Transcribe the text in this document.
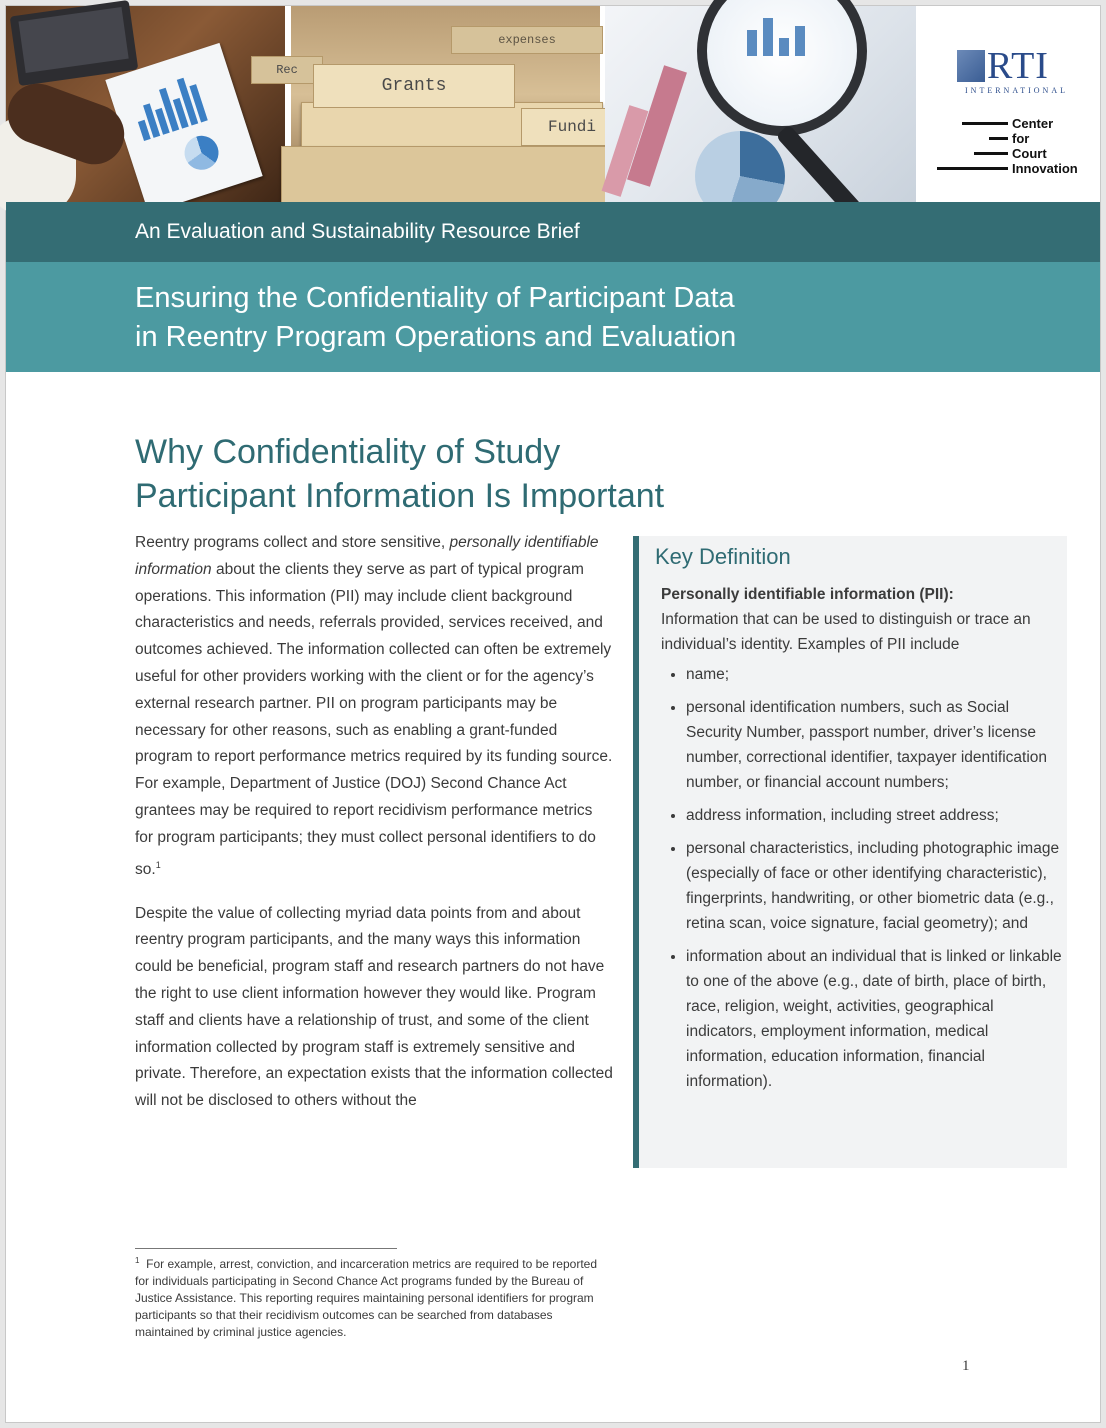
Rec
expenses
Grants
Fundi
RTI
INTERNATIONAL
Center
for
Court
Innovation
An Evaluation and Sustainability Resource Brief
Ensuring the Confidentiality of Participant Data
in Reentry Program Operations and Evaluation
Why Confidentiality of Study
Participant Information Is Important

Reentry programs collect and store sensitive, personally identifiable information about the clients they serve as part of typical program operations. This information (PII) may include client background characteristics and needs, referrals provided, services received, and outcomes achieved. The information collected can often be extremely useful for other providers working with the client or for the agency’s external research partner. PII on program participants may be necessary for other reasons, such as enabling a grant-funded program to report performance metrics required by its funding source. For example, Department of Justice (DOJ) Second Chance Act grantees may be required to report recidivism performance metrics for program participants; they must collect personal identifiers to do so.$^1$

Despite the value of collecting myriad data points from and about reentry program participants, and the many ways this information could be beneficial, program staff and research partners do not have the right to use client information however they would like. Program staff and clients have a relationship of trust, and some of the client information collected by program staff is extremely sensitive and private. Therefore, an expectation exists that the information collected will not be disclosed to others without the

Key Definition
Personally identifiable information (PII):
Information that can be used to distinguish or trace an individual’s identity. Examples of PII include
• name;
• personal identification numbers, such as Social Security Number, passport number, driver’s license number, correctional identifier, taxpayer identification number, or financial account numbers;
• address information, including street address;
• personal characteristics, including photographic image (especially of face or other identifying characteristic), fingerprints, handwriting, or other biometric data (e.g., retina scan, voice signature, facial geometry); and
• information about an individual that is linked or linkable to one of the above (e.g., date of birth, place of birth, race, religion, weight, activities, geographical indicators, employment information, medical information, education information, financial information).
$^1$ For example, arrest, conviction, and incarceration metrics are required to be reported for individuals participating in Second Chance Act programs funded by the Bureau of Justice Assistance. This reporting requires maintaining personal identifiers for program participants so that their recidivism outcomes can be searched from databases maintained by criminal justice agencies.
1
